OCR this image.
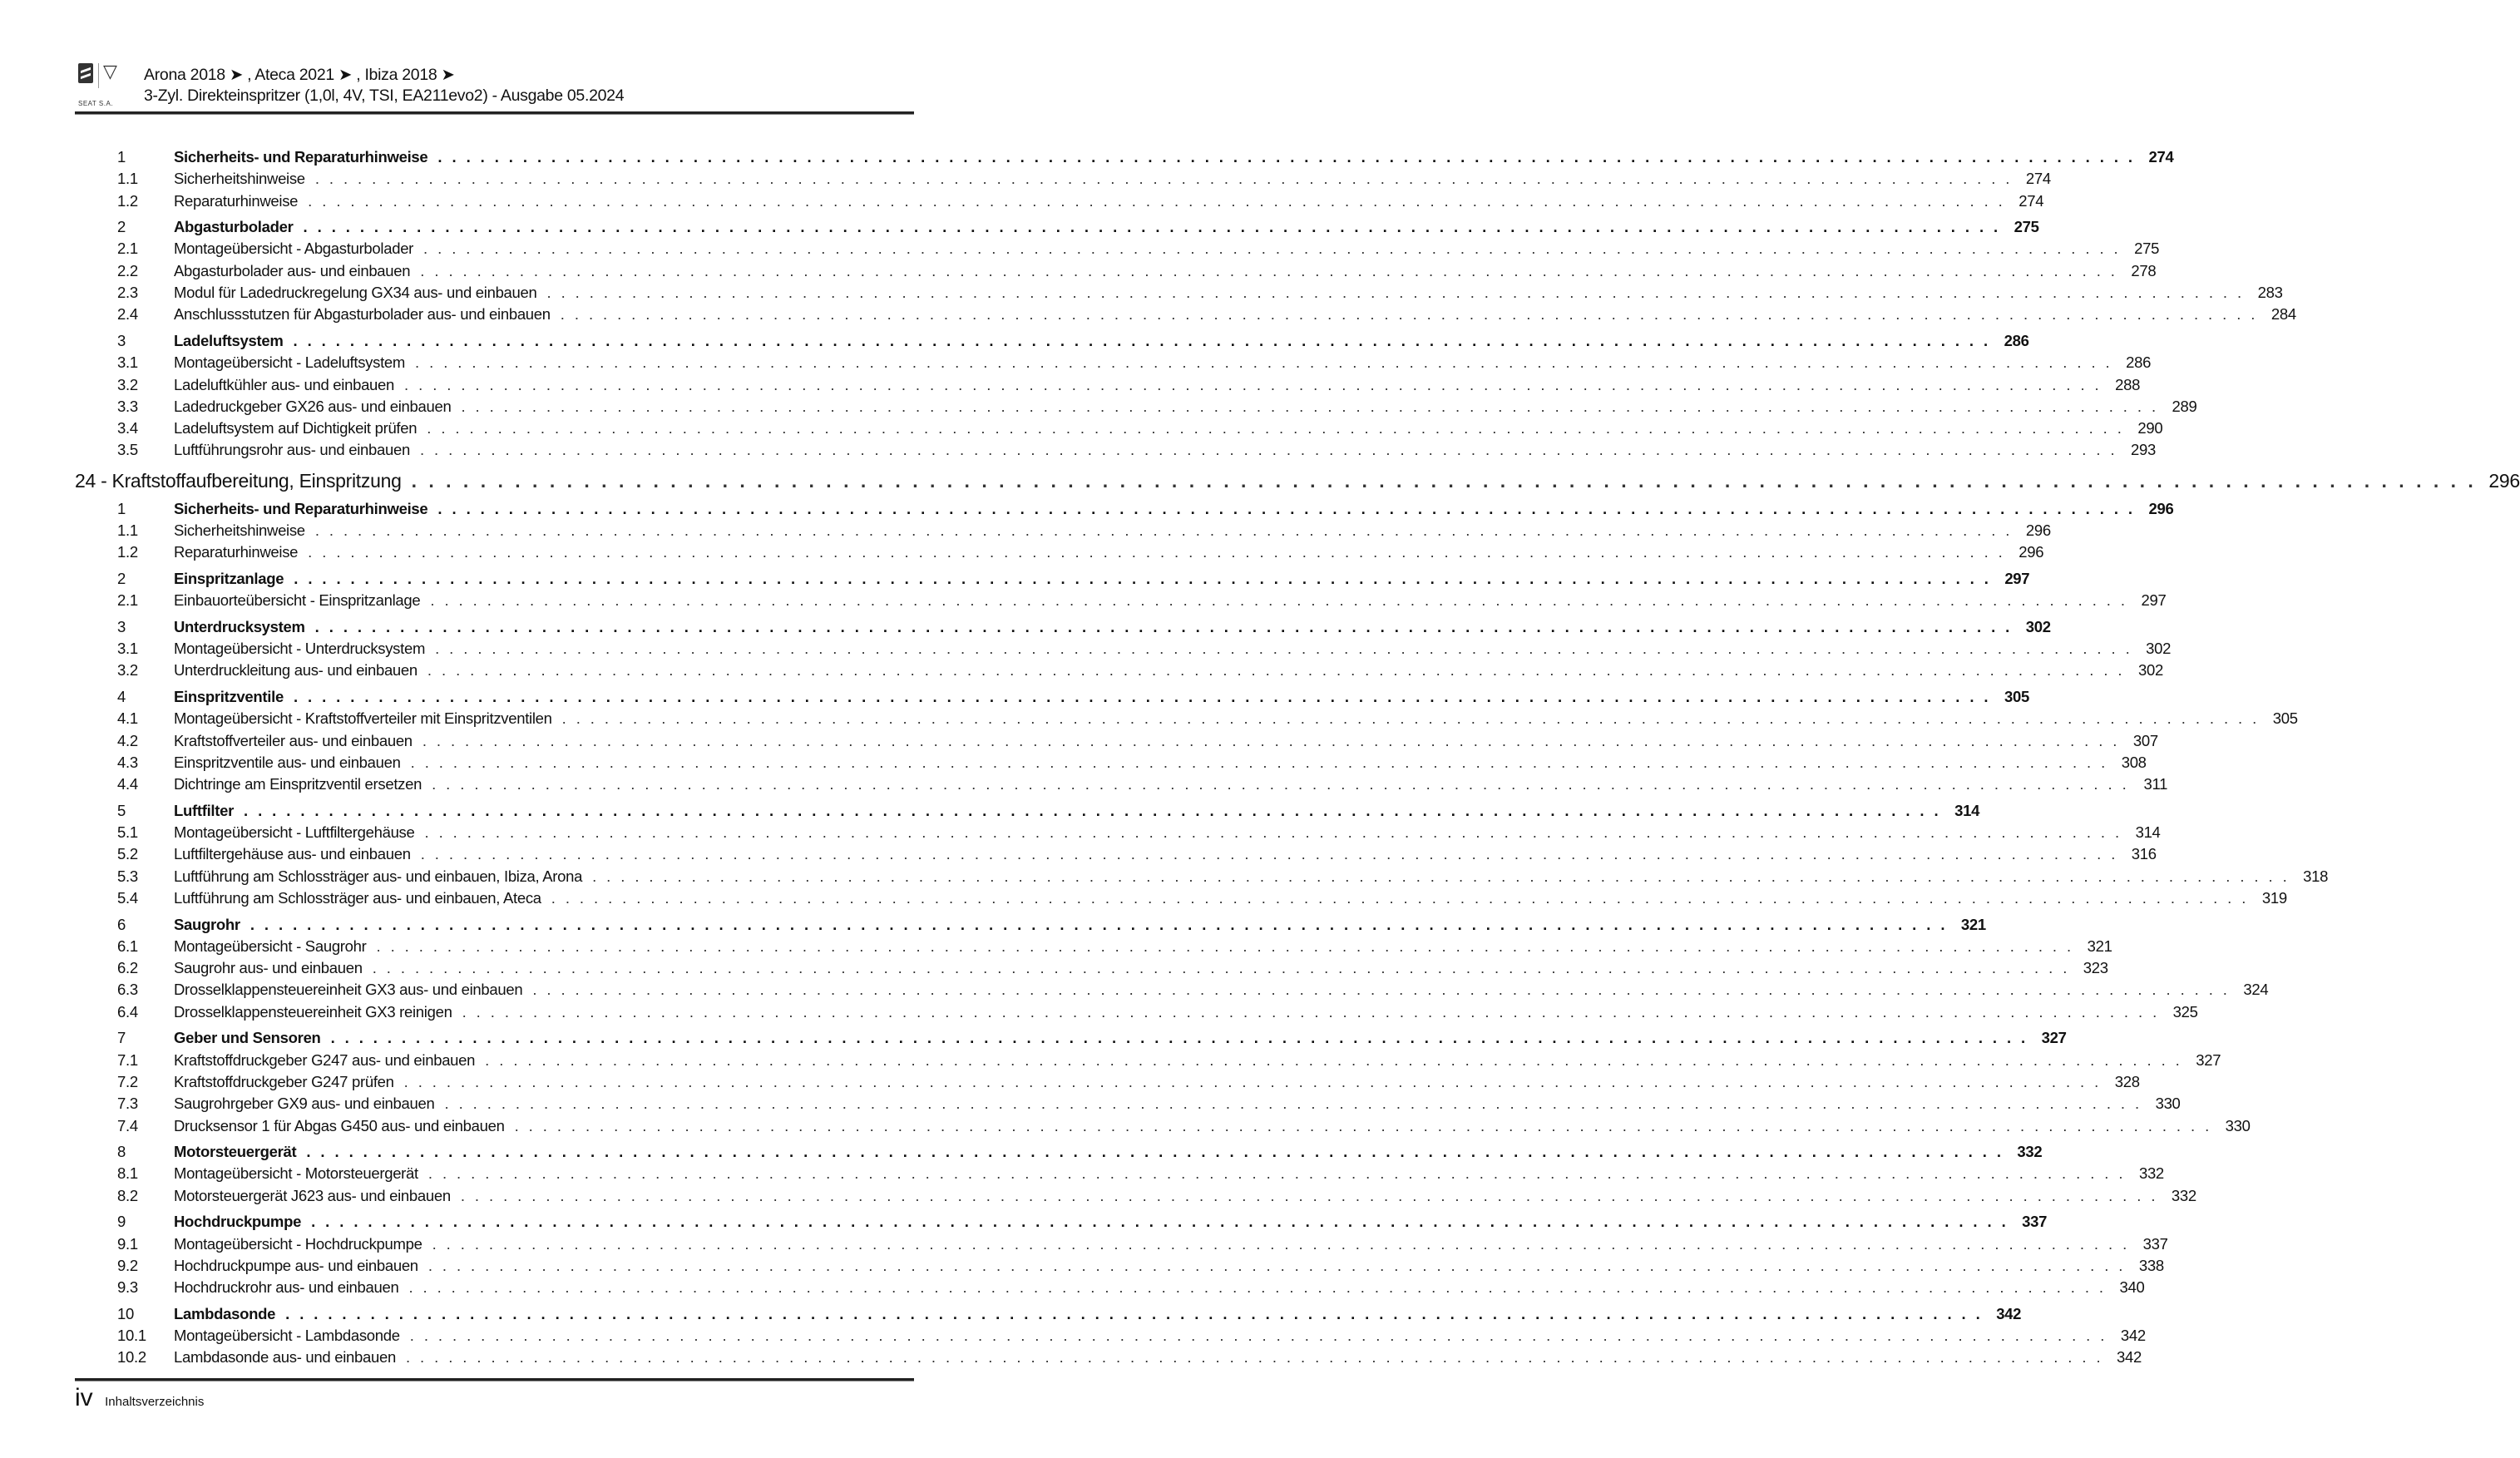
▽
SEAT S.A.
Arona 2018 ➤ , Ateca 2021 ➤ , Ibiza 2018 ➤
3-Zyl. Direkteinspritzer (1,0l, 4V, TSI, EA211evo2) - Ausgabe 05.2024
1	Sicherheits- und Reparaturhinweise . . . . . . . . . . . . . . . . . . . . . . . . . . . . . . . . . . . . . . . . . . . . . . . . . . . . . . . . . . . . . . . . . . . . . . . . . . . . . . . . . . . . . . . . . . . . . . . . . . . . . . . . . . . . . . . . . . . . . . . . 274
1.1	Sicherheitshinweise . . . . . . . . . . . . . . . . . . . . . . . . . . . . . . . . . . . . . . . . . . . . . . . . . . . . . . . . . . . . . . . . . . . . . . . . . . . . . . . . . . . . . . . . . . . . . . . . . . . . . . . . . . . . . . . . . . . . . . . . 274
1.2	Reparaturhinweise . . . . . . . . . . . . . . . . . . . . . . . . . . . . . . . . . . . . . . . . . . . . . . . . . . . . . . . . . . . . . . . . . . . . . . . . . . . . . . . . . . . . . . . . . . . . . . . . . . . . . . . . . . . . . . . . . . . . . . . . 274
2	Abgasturbolader . . . . . . . . . . . . . . . . . . . . . . . . . . . . . . . . . . . . . . . . . . . . . . . . . . . . . . . . . . . . . . . . . . . . . . . . . . . . . . . . . . . . . . . . . . . . . . . . . . . . . . . . . . . . . . . . . . . . . . . . 275
2.1	Montageübersicht - Abgasturbolader . . . . . . . . . . . . . . . . . . . . . . . . . . . . . . . . . . . . . . . . . . . . . . . . . . . . . . . . . . . . . . . . . . . . . . . . . . . . . . . . . . . . . . . . . . . . . . . . . . . . . . . . . . . . . . . . . . . . . . . . 275
2.2	Abgasturbolader aus- und einbauen . . . . . . . . . . . . . . . . . . . . . . . . . . . . . . . . . . . . . . . . . . . . . . . . . . . . . . . . . . . . . . . . . . . . . . . . . . . . . . . . . . . . . . . . . . . . . . . . . . . . . . . . . . . . . . . . . . . . . . . . 278
2.3	Modul für Ladedruckregelung GX34 aus- und einbauen . . . . . . . . . . . . . . . . . . . . . . . . . . . . . . . . . . . . . . . . . . . . . . . . . . . . . . . . . . . . . . . . . . . . . . . . . . . . . . . . . . . . . . . . . . . . . . . . . . . . . . . . . . . . . . . . . . . . . . . . 283
2.4	Anschlussstutzen für Abgasturbolader aus- und einbauen . . . . . . . . . . . . . . . . . . . . . . . . . . . . . . . . . . . . . . . . . . . . . . . . . . . . . . . . . . . . . . . . . . . . . . . . . . . . . . . . . . . . . . . . . . . . . . . . . . . . . . . . . . . . . . . . . . . . . . . . 284
3	Ladeluftsystem . . . . . . . . . . . . . . . . . . . . . . . . . . . . . . . . . . . . . . . . . . . . . . . . . . . . . . . . . . . . . . . . . . . . . . . . . . . . . . . . . . . . . . . . . . . . . . . . . . . . . . . . . . . . . . . . . . . . . . . . 286
3.1	Montageübersicht - Ladeluftsystem . . . . . . . . . . . . . . . . . . . . . . . . . . . . . . . . . . . . . . . . . . . . . . . . . . . . . . . . . . . . . . . . . . . . . . . . . . . . . . . . . . . . . . . . . . . . . . . . . . . . . . . . . . . . . . . . . . . . . . . . 286
3.2	Ladeluftkühler aus- und einbauen . . . . . . . . . . . . . . . . . . . . . . . . . . . . . . . . . . . . . . . . . . . . . . . . . . . . . . . . . . . . . . . . . . . . . . . . . . . . . . . . . . . . . . . . . . . . . . . . . . . . . . . . . . . . . . . . . . . . . . . . 288
3.3	Ladedruckgeber GX26 aus- und einbauen . . . . . . . . . . . . . . . . . . . . . . . . . . . . . . . . . . . . . . . . . . . . . . . . . . . . . . . . . . . . . . . . . . . . . . . . . . . . . . . . . . . . . . . . . . . . . . . . . . . . . . . . . . . . . . . . . . . . . . . . 289
3.4	Ladeluftsystem auf Dichtigkeit prüfen . . . . . . . . . . . . . . . . . . . . . . . . . . . . . . . . . . . . . . . . . . . . . . . . . . . . . . . . . . . . . . . . . . . . . . . . . . . . . . . . . . . . . . . . . . . . . . . . . . . . . . . . . . . . . . . . . . . . . . . . 290
3.5	Luftführungsrohr aus- und einbauen . . . . . . . . . . . . . . . . . . . . . . . . . . . . . . . . . . . . . . . . . . . . . . . . . . . . . . . . . . . . . . . . . . . . . . . . . . . . . . . . . . . . . . . . . . . . . . . . . . . . . . . . . . . . . . . . . . . . . . . . 293
24 - Kraftstoffaufbereitung, Einspritzung . . . . . . . . . . . . . . . . . . . . . . . . . . . . . . . . . . . . . . . . . . . . . . . . . . . . . . . . . . . . . . . . . . . . . . . . . . . . . . . . . . . . . . . . . . . . . . . . . . . . . . . . . . . . . . . . . . . . . . . . 296
1	Sicherheits- und Reparaturhinweise . . . . . . . . . . . . . . . . . . . . . . . . . . . . . . . . . . . . . . . . . . . . . . . . . . . . . . . . . . . . . . . . . . . . . . . . . . . . . . . . . . . . . . . . . . . . . . . . . . . . . . . . . . . . . . . . . . . . . . . . 296
1.1	Sicherheitshinweise . . . . . . . . . . . . . . . . . . . . . . . . . . . . . . . . . . . . . . . . . . . . . . . . . . . . . . . . . . . . . . . . . . . . . . . . . . . . . . . . . . . . . . . . . . . . . . . . . . . . . . . . . . . . . . . . . . . . . . . . 296
1.2	Reparaturhinweise . . . . . . . . . . . . . . . . . . . . . . . . . . . . . . . . . . . . . . . . . . . . . . . . . . . . . . . . . . . . . . . . . . . . . . . . . . . . . . . . . . . . . . . . . . . . . . . . . . . . . . . . . . . . . . . . . . . . . . . . 296
2	Einspritzanlage . . . . . . . . . . . . . . . . . . . . . . . . . . . . . . . . . . . . . . . . . . . . . . . . . . . . . . . . . . . . . . . . . . . . . . . . . . . . . . . . . . . . . . . . . . . . . . . . . . . . . . . . . . . . . . . . . . . . . . . . 297
2.1	Einbauorteübersicht - Einspritzanlage . . . . . . . . . . . . . . . . . . . . . . . . . . . . . . . . . . . . . . . . . . . . . . . . . . . . . . . . . . . . . . . . . . . . . . . . . . . . . . . . . . . . . . . . . . . . . . . . . . . . . . . . . . . . . . . . . . . . . . . . 297
3	Unterdrucksystem . . . . . . . . . . . . . . . . . . . . . . . . . . . . . . . . . . . . . . . . . . . . . . . . . . . . . . . . . . . . . . . . . . . . . . . . . . . . . . . . . . . . . . . . . . . . . . . . . . . . . . . . . . . . . . . . . . . . . . . . 302
3.1	Montageübersicht - Unterdrucksystem . . . . . . . . . . . . . . . . . . . . . . . . . . . . . . . . . . . . . . . . . . . . . . . . . . . . . . . . . . . . . . . . . . . . . . . . . . . . . . . . . . . . . . . . . . . . . . . . . . . . . . . . . . . . . . . . . . . . . . . . 302
3.2	Unterdruckleitung aus- und einbauen . . . . . . . . . . . . . . . . . . . . . . . . . . . . . . . . . . . . . . . . . . . . . . . . . . . . . . . . . . . . . . . . . . . . . . . . . . . . . . . . . . . . . . . . . . . . . . . . . . . . . . . . . . . . . . . . . . . . . . . . 302
4	Einspritzventile . . . . . . . . . . . . . . . . . . . . . . . . . . . . . . . . . . . . . . . . . . . . . . . . . . . . . . . . . . . . . . . . . . . . . . . . . . . . . . . . . . . . . . . . . . . . . . . . . . . . . . . . . . . . . . . . . . . . . . . . 305
4.1	Montageübersicht - Kraftstoffverteiler mit Einspritzventilen . . . . . . . . . . . . . . . . . . . . . . . . . . . . . . . . . . . . . . . . . . . . . . . . . . . . . . . . . . . . . . . . . . . . . . . . . . . . . . . . . . . . . . . . . . . . . . . . . . . . . . . . . . . . . . . . . . . . . . . . 305
4.2	Kraftstoffverteiler aus- und einbauen . . . . . . . . . . . . . . . . . . . . . . . . . . . . . . . . . . . . . . . . . . . . . . . . . . . . . . . . . . . . . . . . . . . . . . . . . . . . . . . . . . . . . . . . . . . . . . . . . . . . . . . . . . . . . . . . . . . . . . . . 307
4.3	Einspritzventile aus- und einbauen . . . . . . . . . . . . . . . . . . . . . . . . . . . . . . . . . . . . . . . . . . . . . . . . . . . . . . . . . . . . . . . . . . . . . . . . . . . . . . . . . . . . . . . . . . . . . . . . . . . . . . . . . . . . . . . . . . . . . . . . 308
4.4	Dichtringe am Einspritzventil ersetzen . . . . . . . . . . . . . . . . . . . . . . . . . . . . . . . . . . . . . . . . . . . . . . . . . . . . . . . . . . . . . . . . . . . . . . . . . . . . . . . . . . . . . . . . . . . . . . . . . . . . . . . . . . . . . . . . . . . . . . . . 311
5	Luftfilter . . . . . . . . . . . . . . . . . . . . . . . . . . . . . . . . . . . . . . . . . . . . . . . . . . . . . . . . . . . . . . . . . . . . . . . . . . . . . . . . . . . . . . . . . . . . . . . . . . . . . . . . . . . . . . . . . . . . . . . . 314
5.1	Montageübersicht - Luftfiltergehäuse . . . . . . . . . . . . . . . . . . . . . . . . . . . . . . . . . . . . . . . . . . . . . . . . . . . . . . . . . . . . . . . . . . . . . . . . . . . . . . . . . . . . . . . . . . . . . . . . . . . . . . . . . . . . . . . . . . . . . . . . 314
5.2	Luftfiltergehäuse aus- und einbauen . . . . . . . . . . . . . . . . . . . . . . . . . . . . . . . . . . . . . . . . . . . . . . . . . . . . . . . . . . . . . . . . . . . . . . . . . . . . . . . . . . . . . . . . . . . . . . . . . . . . . . . . . . . . . . . . . . . . . . . . 316
5.3	Luftführung am Schlossträger aus- und einbauen, Ibiza, Arona . . . . . . . . . . . . . . . . . . . . . . . . . . . . . . . . . . . . . . . . . . . . . . . . . . . . . . . . . . . . . . . . . . . . . . . . . . . . . . . . . . . . . . . . . . . . . . . . . . . . . . . . . . . . . . . . . . . . . . . . 318
5.4	Luftführung am Schlossträger aus- und einbauen, Ateca . . . . . . . . . . . . . . . . . . . . . . . . . . . . . . . . . . . . . . . . . . . . . . . . . . . . . . . . . . . . . . . . . . . . . . . . . . . . . . . . . . . . . . . . . . . . . . . . . . . . . . . . . . . . . . . . . . . . . . . . 319
6	Saugrohr . . . . . . . . . . . . . . . . . . . . . . . . . . . . . . . . . . . . . . . . . . . . . . . . . . . . . . . . . . . . . . . . . . . . . . . . . . . . . . . . . . . . . . . . . . . . . . . . . . . . . . . . . . . . . . . . . . . . . . . . 321
6.1	Montageübersicht - Saugrohr . . . . . . . . . . . . . . . . . . . . . . . . . . . . . . . . . . . . . . . . . . . . . . . . . . . . . . . . . . . . . . . . . . . . . . . . . . . . . . . . . . . . . . . . . . . . . . . . . . . . . . . . . . . . . . . . . . . . . . . . 321
6.2	Saugrohr aus- und einbauen . . . . . . . . . . . . . . . . . . . . . . . . . . . . . . . . . . . . . . . . . . . . . . . . . . . . . . . . . . . . . . . . . . . . . . . . . . . . . . . . . . . . . . . . . . . . . . . . . . . . . . . . . . . . . . . . . . . . . . . . 323
6.3	Drosselklappensteuereinheit GX3 aus- und einbauen . . . . . . . . . . . . . . . . . . . . . . . . . . . . . . . . . . . . . . . . . . . . . . . . . . . . . . . . . . . . . . . . . . . . . . . . . . . . . . . . . . . . . . . . . . . . . . . . . . . . . . . . . . . . . . . . . . . . . . . . 324
6.4	Drosselklappensteuereinheit GX3 reinigen . . . . . . . . . . . . . . . . . . . . . . . . . . . . . . . . . . . . . . . . . . . . . . . . . . . . . . . . . . . . . . . . . . . . . . . . . . . . . . . . . . . . . . . . . . . . . . . . . . . . . . . . . . . . . . . . . . . . . . . . 325
7	Geber und Sensoren . . . . . . . . . . . . . . . . . . . . . . . . . . . . . . . . . . . . . . . . . . . . . . . . . . . . . . . . . . . . . . . . . . . . . . . . . . . . . . . . . . . . . . . . . . . . . . . . . . . . . . . . . . . . . . . . . . . . . . . . 327
7.1	Kraftstoffdruckgeber G247 aus- und einbauen . . . . . . . . . . . . . . . . . . . . . . . . . . . . . . . . . . . . . . . . . . . . . . . . . . . . . . . . . . . . . . . . . . . . . . . . . . . . . . . . . . . . . . . . . . . . . . . . . . . . . . . . . . . . . . . . . . . . . . . . 327
7.2	Kraftstoffdruckgeber G247 prüfen . . . . . . . . . . . . . . . . . . . . . . . . . . . . . . . . . . . . . . . . . . . . . . . . . . . . . . . . . . . . . . . . . . . . . . . . . . . . . . . . . . . . . . . . . . . . . . . . . . . . . . . . . . . . . . . . . . . . . . . . 328
7.3	Saugrohrgeber GX9 aus- und einbauen . . . . . . . . . . . . . . . . . . . . . . . . . . . . . . . . . . . . . . . . . . . . . . . . . . . . . . . . . . . . . . . . . . . . . . . . . . . . . . . . . . . . . . . . . . . . . . . . . . . . . . . . . . . . . . . . . . . . . . . . 330
7.4	Drucksensor 1 für Abgas G450 aus- und einbauen . . . . . . . . . . . . . . . . . . . . . . . . . . . . . . . . . . . . . . . . . . . . . . . . . . . . . . . . . . . . . . . . . . . . . . . . . . . . . . . . . . . . . . . . . . . . . . . . . . . . . . . . . . . . . . . . . . . . . . . . 330
8	Motorsteuergerät . . . . . . . . . . . . . . . . . . . . . . . . . . . . . . . . . . . . . . . . . . . . . . . . . . . . . . . . . . . . . . . . . . . . . . . . . . . . . . . . . . . . . . . . . . . . . . . . . . . . . . . . . . . . . . . . . . . . . . . . 332
8.1	Montageübersicht - Motorsteuergerät . . . . . . . . . . . . . . . . . . . . . . . . . . . . . . . . . . . . . . . . . . . . . . . . . . . . . . . . . . . . . . . . . . . . . . . . . . . . . . . . . . . . . . . . . . . . . . . . . . . . . . . . . . . . . . . . . . . . . . . . 332
8.2	Motorsteuergerät J623 aus- und einbauen . . . . . . . . . . . . . . . . . . . . . . . . . . . . . . . . . . . . . . . . . . . . . . . . . . . . . . . . . . . . . . . . . . . . . . . . . . . . . . . . . . . . . . . . . . . . . . . . . . . . . . . . . . . . . . . . . . . . . . . . 332
9	Hochdruckpumpe . . . . . . . . . . . . . . . . . . . . . . . . . . . . . . . . . . . . . . . . . . . . . . . . . . . . . . . . . . . . . . . . . . . . . . . . . . . . . . . . . . . . . . . . . . . . . . . . . . . . . . . . . . . . . . . . . . . . . . . . 337
9.1	Montageübersicht - Hochdruckpumpe . . . . . . . . . . . . . . . . . . . . . . . . . . . . . . . . . . . . . . . . . . . . . . . . . . . . . . . . . . . . . . . . . . . . . . . . . . . . . . . . . . . . . . . . . . . . . . . . . . . . . . . . . . . . . . . . . . . . . . . . 337
9.2	Hochdruckpumpe aus- und einbauen . . . . . . . . . . . . . . . . . . . . . . . . . . . . . . . . . . . . . . . . . . . . . . . . . . . . . . . . . . . . . . . . . . . . . . . . . . . . . . . . . . . . . . . . . . . . . . . . . . . . . . . . . . . . . . . . . . . . . . . . 338
9.3	Hochdruckrohr aus- und einbauen . . . . . . . . . . . . . . . . . . . . . . . . . . . . . . . . . . . . . . . . . . . . . . . . . . . . . . . . . . . . . . . . . . . . . . . . . . . . . . . . . . . . . . . . . . . . . . . . . . . . . . . . . . . . . . . . . . . . . . . . 340
10	Lambdasonde . . . . . . . . . . . . . . . . . . . . . . . . . . . . . . . . . . . . . . . . . . . . . . . . . . . . . . . . . . . . . . . . . . . . . . . . . . . . . . . . . . . . . . . . . . . . . . . . . . . . . . . . . . . . . . . . . . . . . . . . 342
10.1	Montageübersicht - Lambdasonde . . . . . . . . . . . . . . . . . . . . . . . . . . . . . . . . . . . . . . . . . . . . . . . . . . . . . . . . . . . . . . . . . . . . . . . . . . . . . . . . . . . . . . . . . . . . . . . . . . . . . . . . . . . . . . . . . . . . . . . . 342
10.2	Lambdasonde aus- und einbauen . . . . . . . . . . . . . . . . . . . . . . . . . . . . . . . . . . . . . . . . . . . . . . . . . . . . . . . . . . . . . . . . . . . . . . . . . . . . . . . . . . . . . . . . . . . . . . . . . . . . . . . . . . . . . . . . . . . . . . . . 342
iv Inhaltsverzeichnis
